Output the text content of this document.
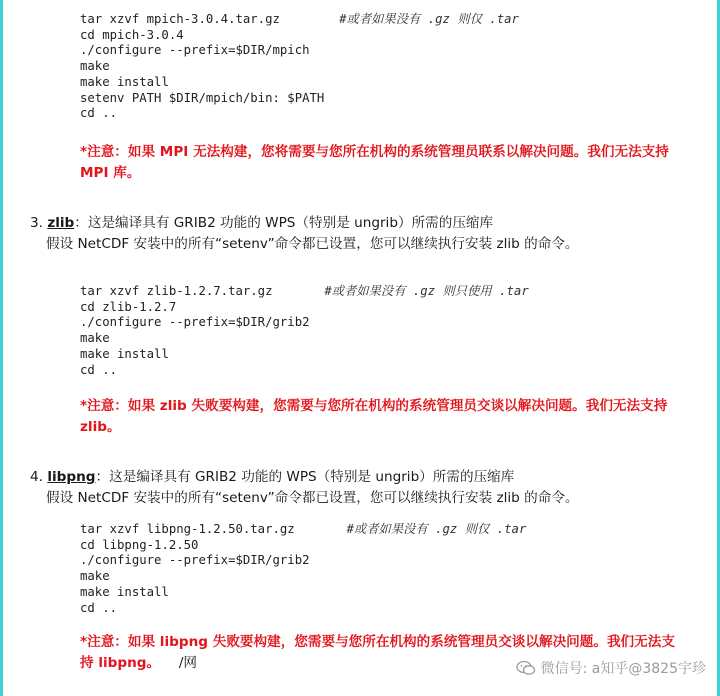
tar xzvf mpich-3.0.4.tar.gz        #或者如果没有 .gz 则仅 .tar
cd mpich-3.0.4
./configure --prefix=$DIR/mpich
make
make install
setenv PATH $DIR/mpich/bin: $PATH
cd ..
*注意：如果 MPI 无法构建，您将需要与您所在机构的系统管理员联系以解决问题。我们无法支持 MPI 库。
3. zlib：这是编译具有 GRIB2 功能的 WPS（特别是 ungrib）所需的压缩库
假设 NetCDF 安装中的所有“setenv”命令都已设置，您可以继续执行安装 zlib 的命令。
tar xzvf zlib-1.2.7.tar.gz       #或者如果没有 .gz 则只使用 .tar
cd zlib-1.2.7
./configure --prefix=$DIR/grib2
make
make install
cd ..
*注意：如果 zlib 失败要构建，您需要与您所在机构的系统管理员交谈以解决问题。我们无法支持 zlib。
4. libpng：这是编译具有 GRIB2 功能的 WPS（特别是 ungrib）所需的压缩库
假设 NetCDF 安装中的所有“setenv”命令都已设置，您可以继续执行安装 zlib 的命令。
tar xzvf libpng-1.2.50.tar.gz       #或者如果没有 .gz 则仅 .tar
cd libpng-1.2.50
./configure --prefix=$DIR/grib2
make
make install
cd ..
*注意：如果 libpng 失败要构建，您需要与您所在机构的系统管理员交谈以解决问题。我们无法支持 libpng。 /网	微信号: a知乎@3825宇珍
